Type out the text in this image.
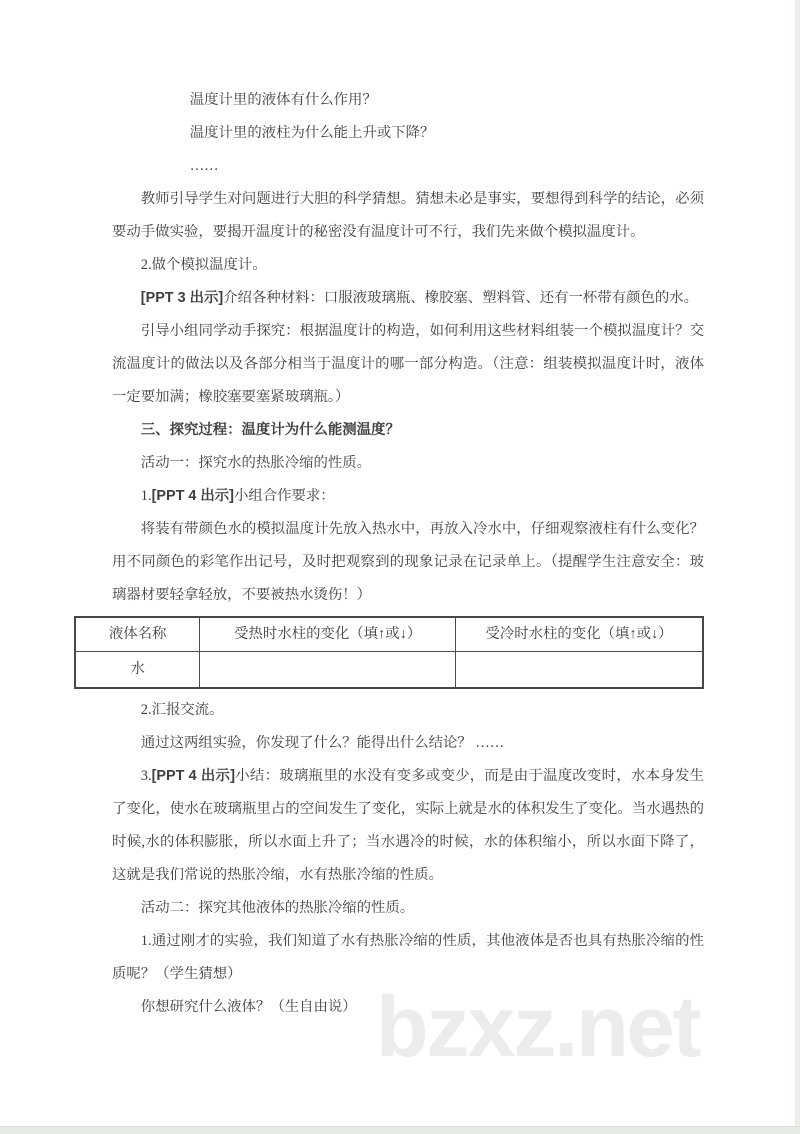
bzxz.net

温度计里的液体有什么作用？

温度计里的液柱为什么能上升或下降？

……

教师引导学生对问题进行大胆的科学猜想。猜想未必是事实，要想得到科学的结论，必须要动手做实验，要揭开温度计的秘密没有温度计可不行，我们先来做个模拟温度计。

2.做个模拟温度计。

[PPT 3 出示]介绍各种材料：口服液玻璃瓶、橡胶塞、塑料管、还有一杯带有颜色的水。

引导小组同学动手探究：根据温度计的构造，如何利用这些材料组装一个模拟温度计？交流温度计的做法以及各部分相当于温度计的哪一部分构造。（注意：组装模拟温度计时，液体一定要加满；橡胶塞要塞紧玻璃瓶。）

三、探究过程：温度计为什么能测温度？

活动一：探究水的热胀冷缩的性质。

1.[PPT 4 出示]小组合作要求：

将装有带颜色水的模拟温度计先放入热水中，再放入冷水中，仔细观察液柱有什么变化？用不同颜色的彩笔作出记号，及时把观察到的现象记录在记录单上。（提醒学生注意安全：玻璃器材要轻拿轻放，不要被热水烫伤！）

液体名称	受热时水柱的变化（填↑或↓）	受冷时水柱的变化（填↑或↓）
水		

2.汇报交流。

通过这两组实验，你发现了什么？能得出什么结论？ ……

3.[PPT 4 出示]小结：玻璃瓶里的水没有变多或变少，而是由于温度改变时，水本身发生了变化，使水在玻璃瓶里占的空间发生了变化，实际上就是水的体积发生了变化。当水遇热的时候,水的体积膨胀，所以水面上升了；当水遇冷的时候，水的体积缩小，所以水面下降了，这就是我们常说的热胀冷缩，水有热胀冷缩的性质。

活动二：探究其他液体的热胀冷缩的性质。

1.通过刚才的实验，我们知道了水有热胀冷缩的性质，其他液体是否也具有热胀冷缩的性质呢？（学生猜想）

你想研究什么液体？（生自由说）
